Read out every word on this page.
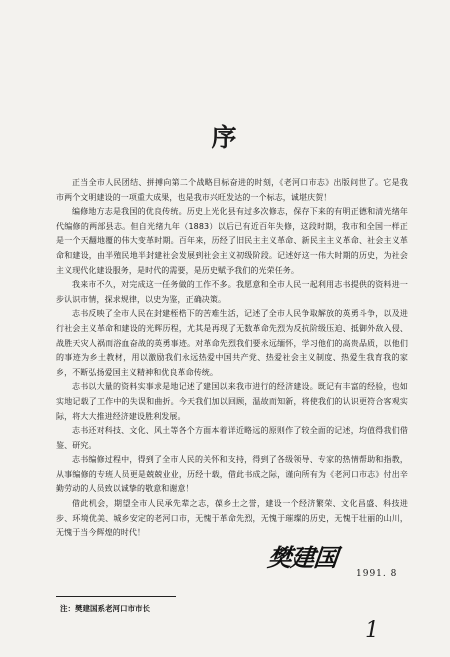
序

正当全市人民团结、拼搏向第二个战略目标奋进的时刻，《老河口市志》出版问世了。它是我市两个文明建设的一项重大成果，也是我市兴旺发达的一个标志，诚堪庆贺！

编修地方志是我国的优良传统。历史上光化县有过多次修志，保存下来的有明正德和清光绪年代编修的两部县志。但自光绪九年（1883）以后已有近百年失修，这段时期，我市和全国一样正是一个天翻地覆的伟大变革时期。百年来，历经了旧民主主义革命、新民主主义革命、社会主义革命和建设，由半殖民地半封建社会发展到社会主义初级阶段。记述好这一伟大时期的历史，为社会主义现代化建设服务，是时代的需要，是历史赋予我们的光荣任务。

我来市不久，对完成这一任务做的工作不多。我愿意和全市人民一起利用志书提供的资料进一步认识市情，探求规律，以史为鉴，正确决策。

志书反映了全市人民在封建桎梏下的苦难生活，记述了全市人民争取解放的英勇斗争，以及进行社会主义革命和建设的光辉历程，尤其是再现了无数革命先烈为反抗阶级压迫、抵御外敌入侵、战胜天灾人祸而浴血奋战的英勇事迹。对革命先烈我们要永远缅怀，学习他们的高贵品质，以他们的事迹为乡土教材，用以激励我们永远热爱中国共产党、热爱社会主义制度、热爱生我育我的家乡，不断弘扬爱国主义精神和优良革命传统。

志书以大量的资料实事求是地记述了建国以来我市进行的经济建设。既记有丰富的经验，也如实地记载了工作中的失误和曲折。今天我们加以回顾，温故而知新，将使我们的认识更符合客观实际，将大大推进经济建设胜利发展。

志书还对科技、文化、风土等各个方面本着详近略远的原则作了较全面的记述，均值得我们借鉴、研究。

志书编修过程中，得到了全市人民的关怀和支持，得到了各级领导、专家的热情帮助和指教，从事编修的专班人员更是兢兢业业，历经十载，借此书成之际，谨向所有为《老河口市志》付出辛勤劳动的人员致以诚挚的敬意和谢意！

借此机会，期望全市人民承先辈之志，葆乡土之誉，建设一个经济繁荣、文化昌盛、科技进步、环境优美、城乡安定的老河口市，无愧于革命先烈，无愧于璀璨的历史，无愧于壮丽的山川，无愧于当今辉煌的时代！

樊建国
1991. 8
注：樊建国系老河口市市长
1
